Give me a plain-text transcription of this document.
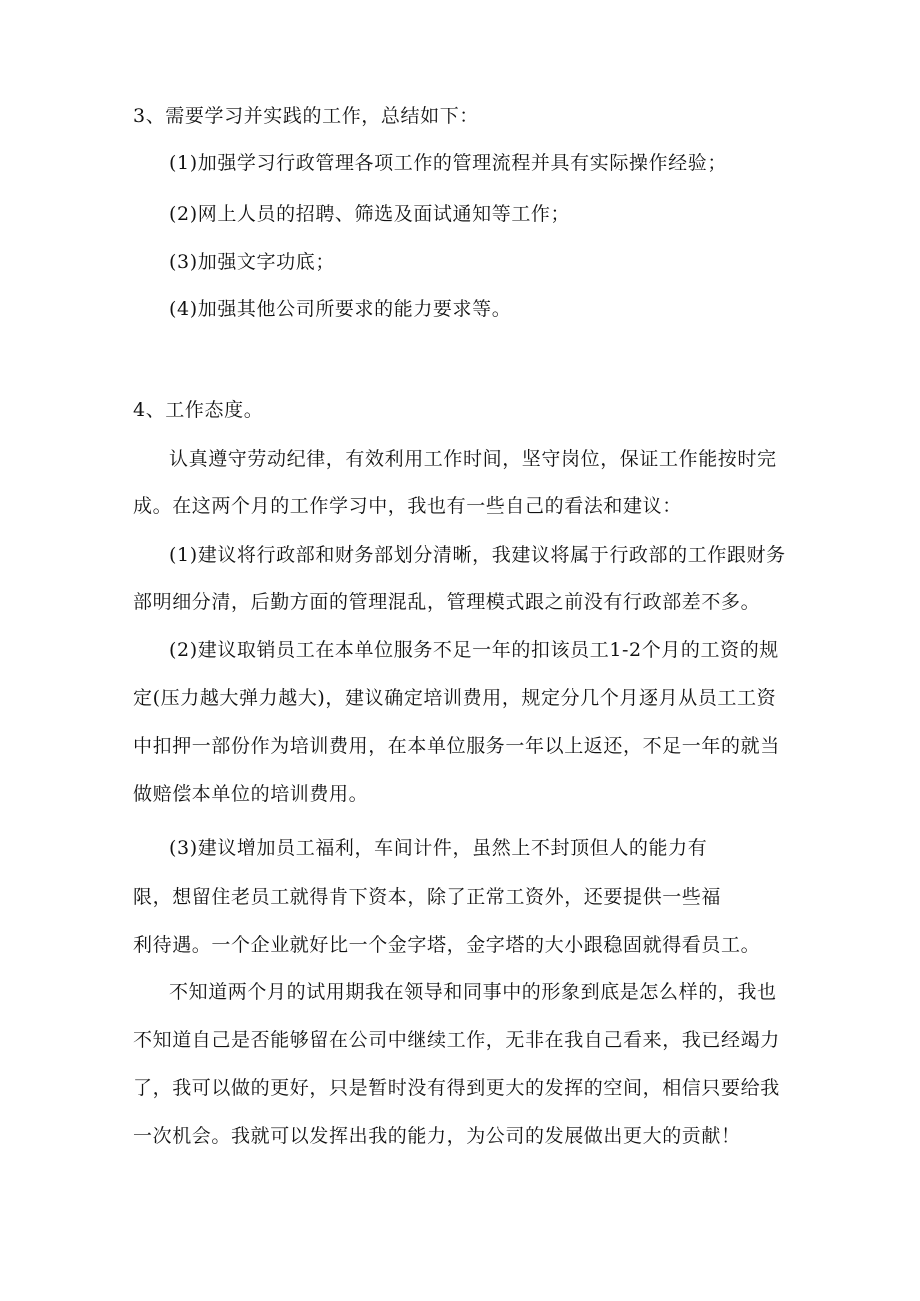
3、需要学习并实践的工作，总结如下：
(1)加强学习行政管理各项工作的管理流程并具有实际操作经验；
(2)网上人员的招聘、筛选及面试通知等工作；
(3)加强文字功底；
(4)加强其他公司所要求的能力要求等。
4、工作态度。
认真遵守劳动纪律，有效利用工作时间，坚守岗位，保证工作能按时完
成。在这两个月的工作学习中，我也有一些自己的看法和建议：
(1)建议将行政部和财务部划分清晰，我建议将属于行政部的工作跟财务
部明细分清，后勤方面的管理混乱，管理模式跟之前没有行政部差不多。
(2)建议取销员工在本单位服务不足一年的扣该员工1-2个月的工资的规
定(压力越大弹力越大)，建议确定培训费用，规定分几个月逐月从员工工资
中扣押一部份作为培训费用，在本单位服务一年以上返还，不足一年的就当
做赔偿本单位的培训费用。
(3)建议增加员工福利，车间计件，虽然上不封顶但人的能力有
限，想留住老员工就得肯下资本，除了正常工资外，还要提供一些福
利待遇。一个企业就好比一个金字塔，金字塔的大小跟稳固就得看员工。
不知道两个月的试用期我在领导和同事中的形象到底是怎么样的，我也
不知道自己是否能够留在公司中继续工作，无非在我自己看来，我已经竭力
了，我可以做的更好，只是暂时没有得到更大的发挥的空间，相信只要给我
一次机会。我就可以发挥出我的能力，为公司的发展做出更大的贡献！
